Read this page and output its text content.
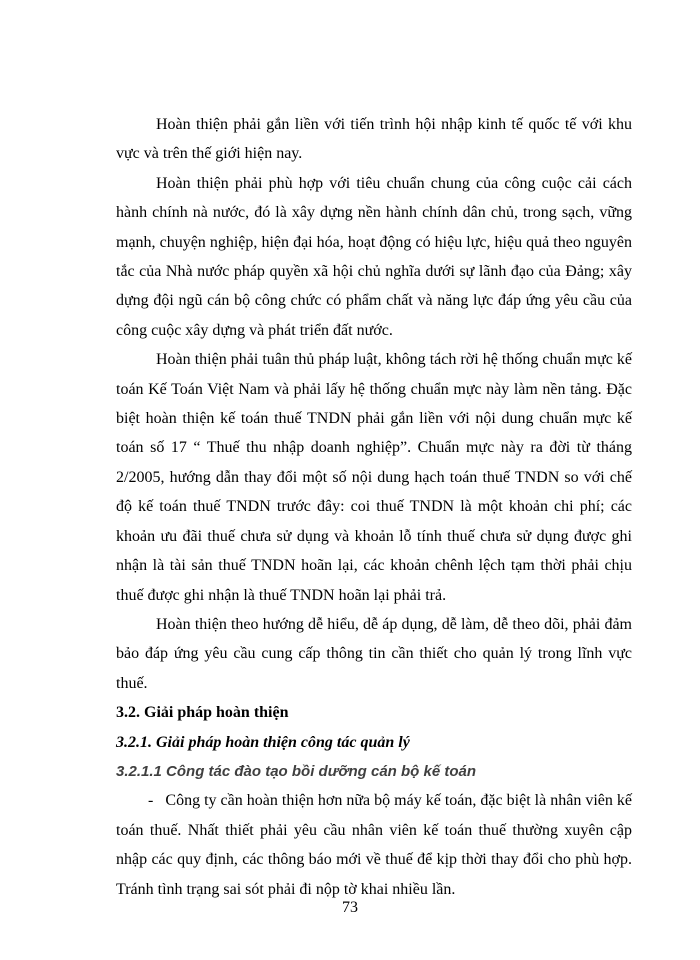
Hoàn thiện phải gắn liền với tiến trình hội nhập kinh tế quốc tế với khu vực và trên thế giới hiện nay.

Hoàn thiện phải phù hợp với tiêu chuẩn chung của công cuộc cải cách hành chính nà nước, đó là xây dựng nền hành chính dân chủ, trong sạch, vững mạnh, chuyện nghiệp, hiện đại hóa, hoạt động có hiệu lực, hiệu quả theo nguyên tắc của Nhà nước pháp quyền xã hội chủ nghĩa dưới sự lãnh đạo của Đảng; xây dựng đội ngũ cán bộ công chức có phẩm chất và năng lực đáp ứng yêu cầu của công cuộc xây dựng và phát triển đất nước.

Hoàn thiện phải tuân thủ pháp luật, không tách rời hệ thống chuẩn mực kế toán Kế Toán Việt Nam và phải lấy hệ thống chuẩn mực này làm nền tảng. Đặc biệt hoàn thiện kế toán thuế TNDN phải gắn liền với nội dung chuẩn mực kế toán số 17 “ Thuế thu nhập doanh nghiệp”. Chuẩn mực này ra đời từ tháng 2/2005, hướng dẫn thay đổi một số nội dung hạch toán thuế TNDN so với chế độ kế toán thuế TNDN trước đây: coi thuế TNDN là một khoản chi phí; các khoản ưu đãi thuế chưa sử dụng và khoản lỗ tính thuế chưa sử dụng được ghi nhận là tài sản thuế TNDN hoãn lại, các khoản chênh lệch tạm thời phải chịu thuế được ghi nhận là thuế TNDN hoãn lại phải trả.

Hoàn thiện theo hướng dễ hiểu, dễ áp dụng, dễ làm, dễ theo dõi, phải đảm bảo đáp ứng yêu cầu cung cấp thông tin cần thiết cho quản lý trong lĩnh vực thuế.

3.2. Giải pháp hoàn thiện
3.2.1. Giải pháp hoàn thiện công tác quản lý
3.2.1.1 Công tác đào tạo bồi dưỡng cán bộ kế toán

- Công ty cần hoàn thiện hơn nữa bộ máy kế toán, đặc biệt là nhân viên kế toán thuế. Nhất thiết phải yêu cầu nhân viên kế toán thuế thường xuyên cập nhập các quy định, các thông báo mới về thuế để kịp thời thay đổi cho phù hợp. Tránh tình trạng sai sót phải đi nộp tờ khai nhiều lần.

73
